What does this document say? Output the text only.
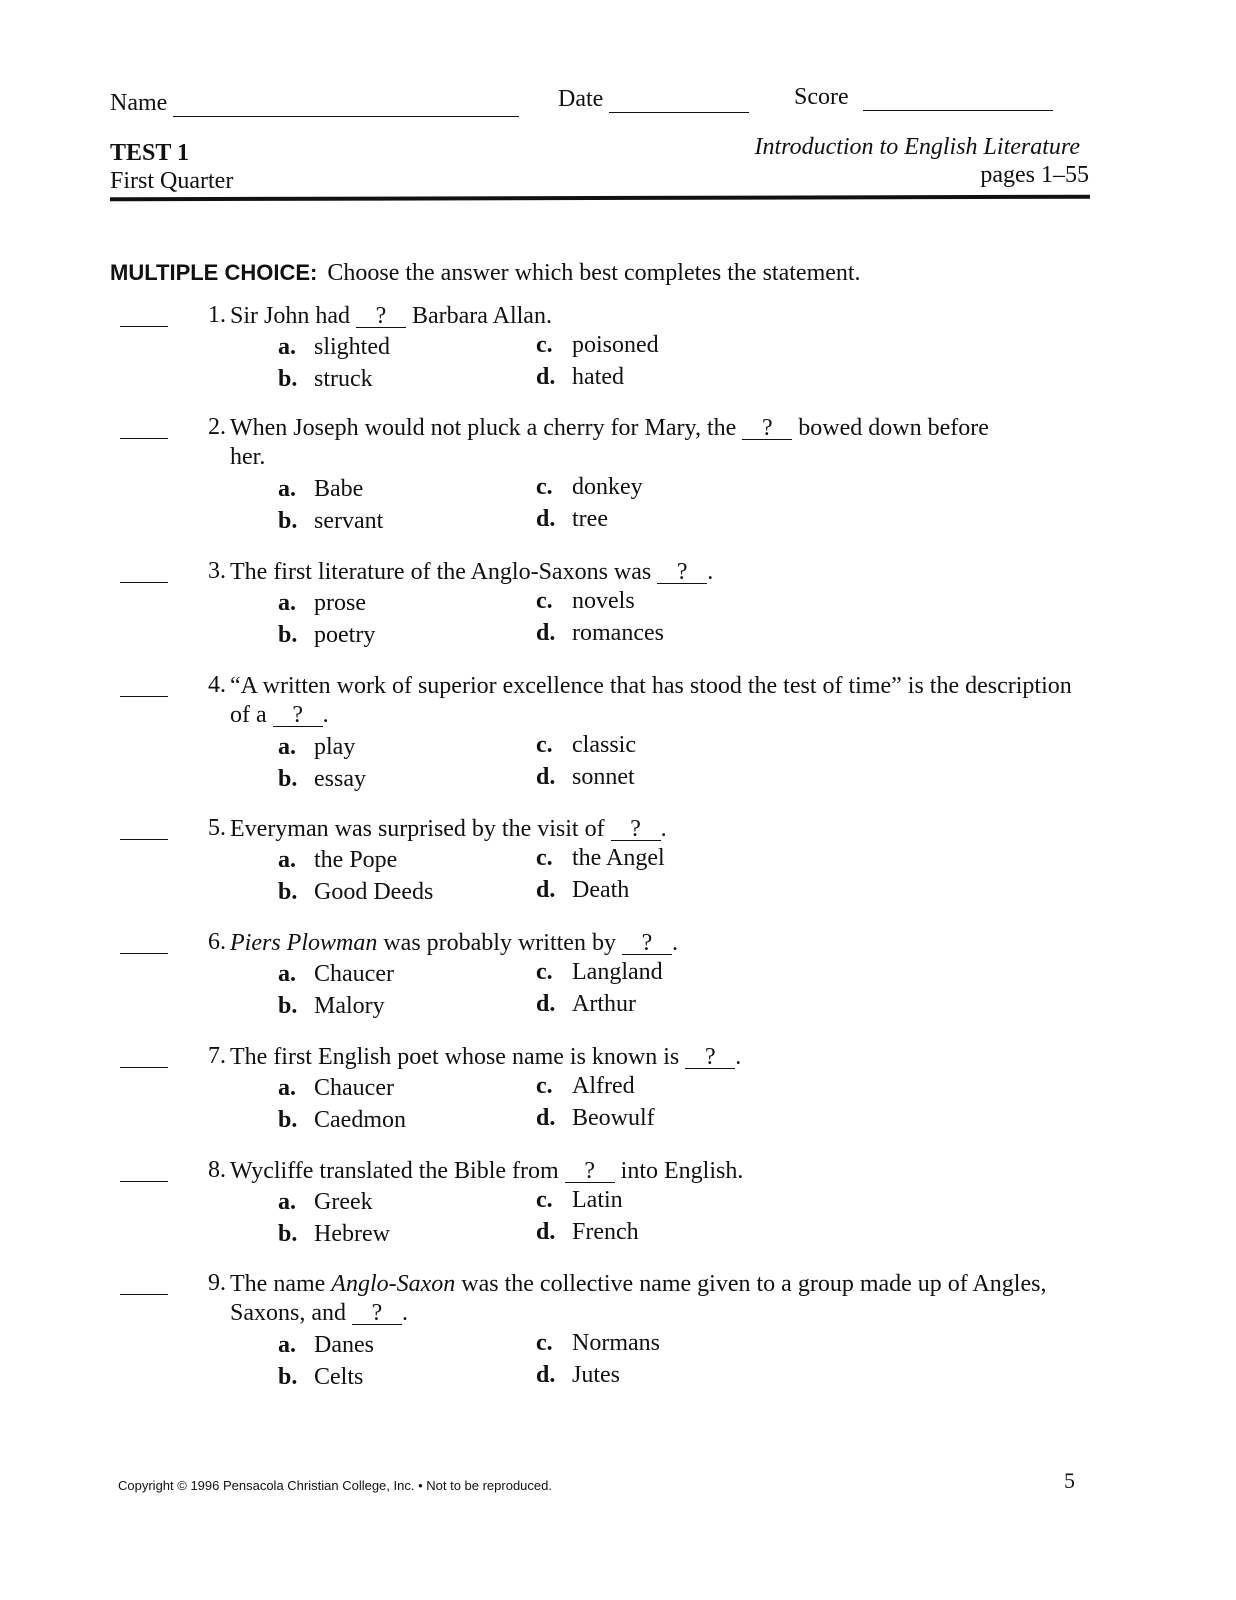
Name	Date	Score
TEST 1
First Quarter
Introduction to English Literature
pages 1–55
MULTIPLE CHOICE: Choose the answer which best completes the statement.
1. Sir John had ? Barbara Allan.
a. slighted
b. struck
c. poisoned
d. hated
2. When Joseph would not pluck a cherry for Mary, the ? bowed down before her.
a. Babe
b. servant
c. donkey
d. tree
3. The first literature of the Anglo-Saxons was ? .
a. prose
b. poetry
c. novels
d. romances
4. “A written work of superior excellence that has stood the test of time” is the description of a ? .
a. play
b. essay
c. classic
d. sonnet
5. Everyman was surprised by the visit of ? .
a. the Pope
b. Good Deeds
c. the Angel
d. Death
6. Piers Plowman was probably written by ? .
a. Chaucer
b. Malory
c. Langland
d. Arthur
7. The first English poet whose name is known is ? .
a. Chaucer
b. Caedmon
c. Alfred
d. Beowulf
8. Wycliffe translated the Bible from ? into English.
a. Greek
b. Hebrew
c. Latin
d. French
9. The name Anglo-Saxon was the collective name given to a group made up of Angles, Saxons, and ? .
a. Danes
b. Celts
c. Normans
d. Jutes
Copyright © 1996 Pensacola Christian College, Inc. • Not to be reproduced.	5
